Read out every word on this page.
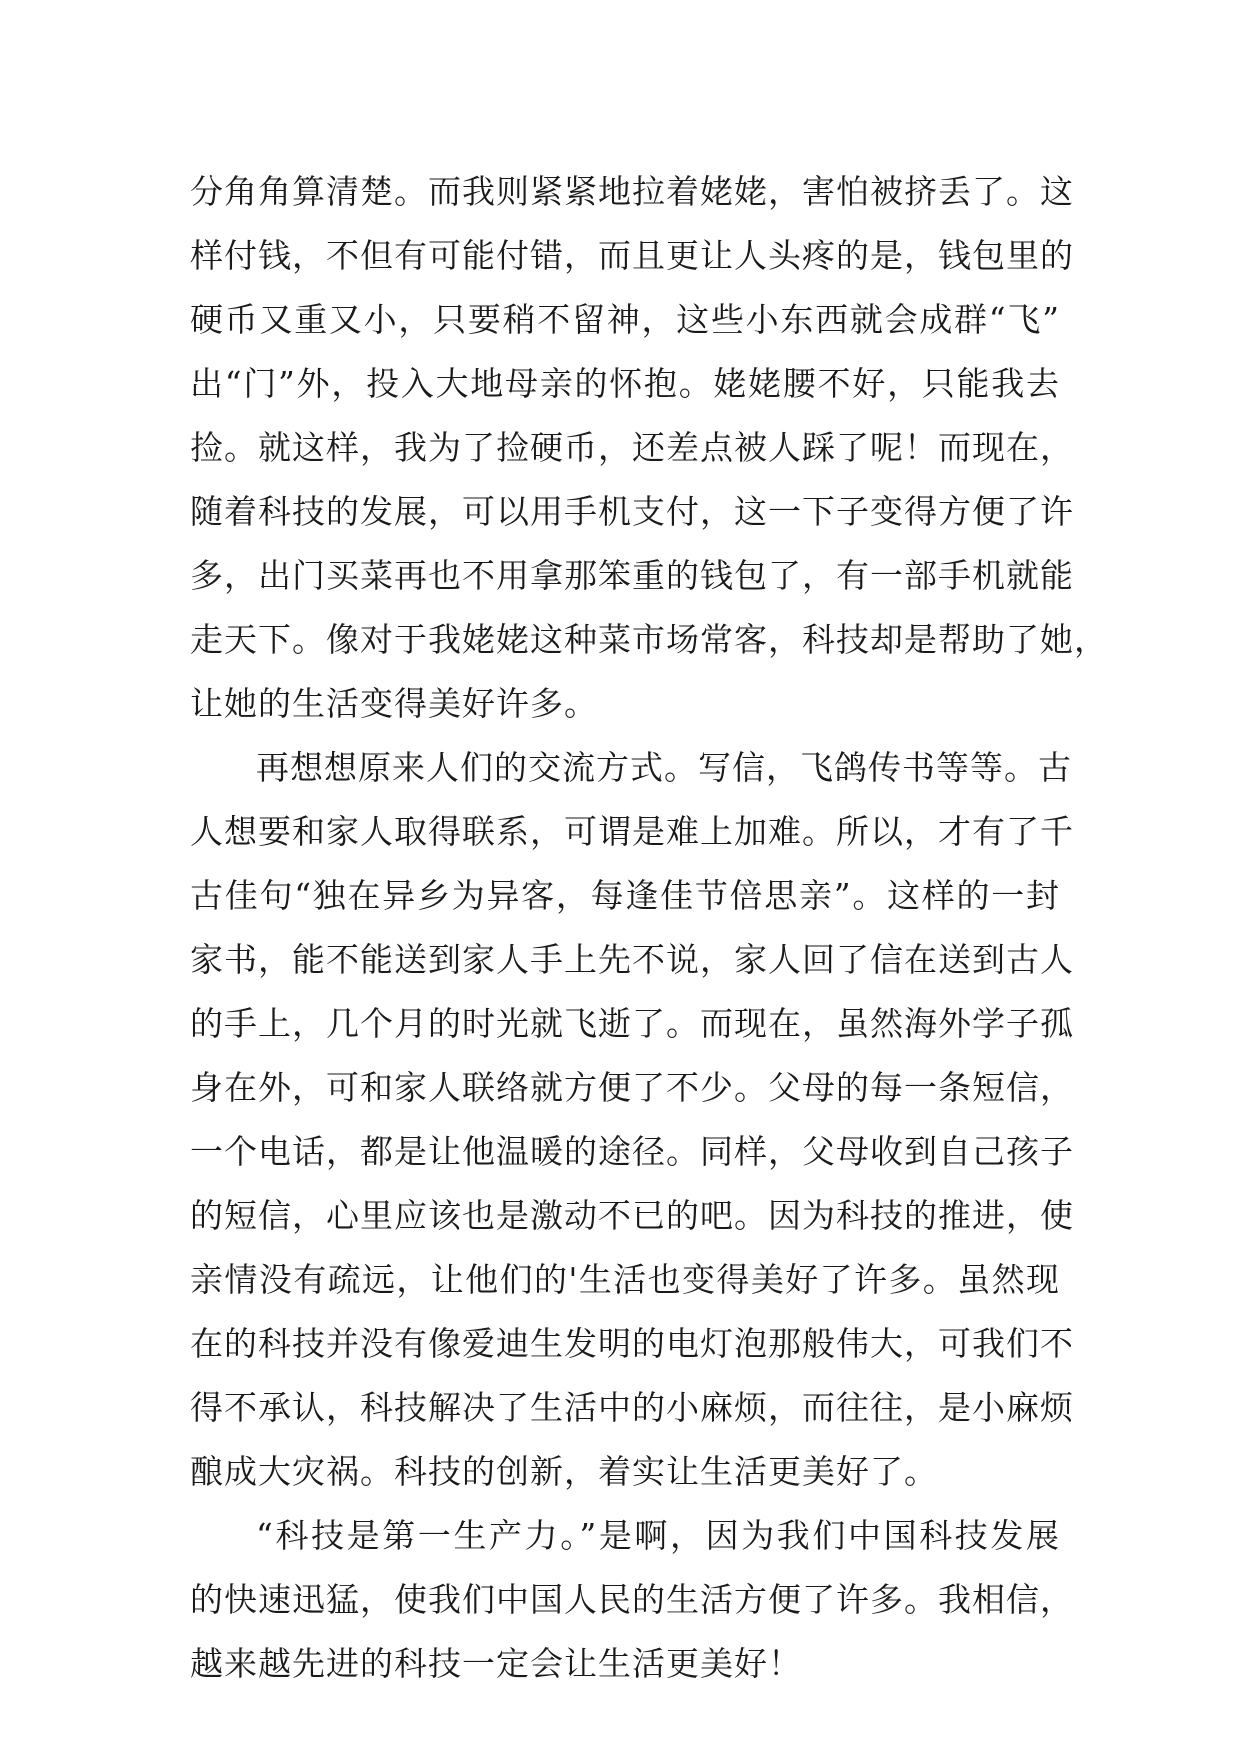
分角角算清楚。而我则紧紧地拉着姥姥，害怕被挤丢了。这
样付钱，不但有可能付错，而且更让人头疼的是，钱包里的
硬币又重又小，只要稍不留神，这些小东西就会成群“飞”
出“门”外，投入大地母亲的怀抱。姥姥腰不好，只能我去
捡。就这样，我为了捡硬币，还差点被人踩了呢！而现在，
随着科技的发展，可以用手机支付，这一下子变得方便了许
多，出门买菜再也不用拿那笨重的钱包了，有一部手机就能
走天下。像对于我姥姥这种菜市场常客，科技却是帮助了她，
让她的生活变得美好许多。
再想想原来人们的交流方式。写信，飞鸽传书等等。古
人想要和家人取得联系，可谓是难上加难。所以，才有了千
古佳句“独在异乡为异客，每逢佳节倍思亲”。这样的一封
家书，能不能送到家人手上先不说，家人回了信在送到古人
的手上，几个月的时光就飞逝了。而现在，虽然海外学子孤
身在外，可和家人联络就方便了不少。父母的每一条短信，
一个电话，都是让他温暖的途径。同样，父母收到自己孩子
的短信，心里应该也是激动不已的吧。因为科技的推进，使
亲情没有疏远，让他们的'生活也变得美好了许多。虽然现
在的科技并没有像爱迪生发明的电灯泡那般伟大，可我们不
得不承认，科技解决了生活中的小麻烦，而往往，是小麻烦
酿成大灾祸。科技的创新，着实让生活更美好了。
“科技是第一生产力。”是啊，因为我们中国科技发展
的快速迅猛，使我们中国人民的生活方便了许多。我相信，
越来越先进的科技一定会让生活更美好！
